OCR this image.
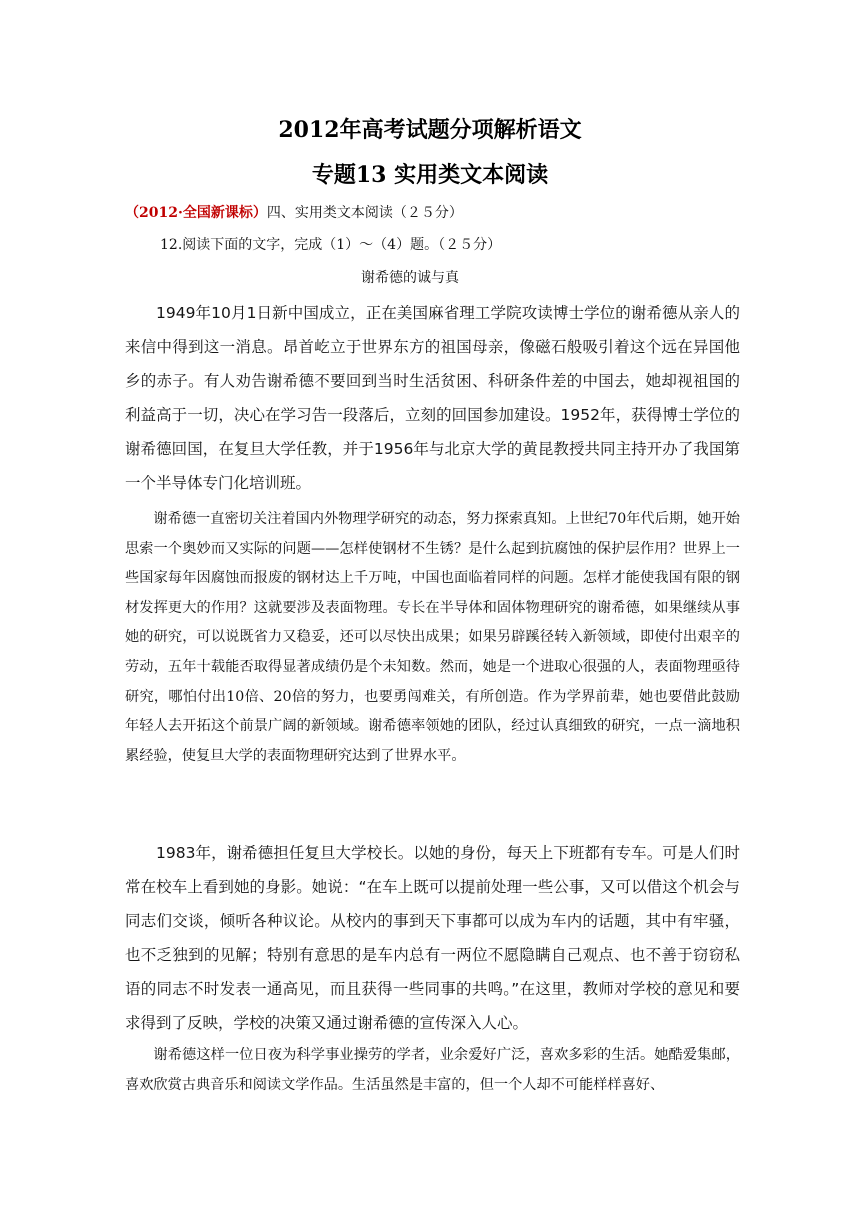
2012年高考试题分项解析语文
专题13 实用类文本阅读

（2012·全国新课标）四、实用类文本阅读（２５分）

12.阅读下面的文字，完成（1）～（4）题。（２５分）

谢希德的诚与真

1949年10月1日新中国成立，正在美国麻省理工学院攻读博士学位的谢希德从亲人的来信中得到这一消息。昂首屹立于世界东方的祖国母亲，像磁石般吸引着这个远在异国他乡的赤子。有人劝告谢希德不要回到当时生活贫困、科研条件差的中国去，她却视祖国的利益高于一切，决心在学习告一段落后，立刻的回国参加建设。1952年，获得博士学位的谢希德回国，在复旦大学任教，并于1956年与北京大学的黄昆教授共同主持开办了我国第一个半导体专门化培训班。

谢希德一直密切关注着国内外物理学研究的动态，努力探索真知。上世纪70年代后期，她开始思索一个奥妙而又实际的问题——怎样使钢材不生锈？是什么起到抗腐蚀的保护层作用？世界上一些国家每年因腐蚀而报废的钢材达上千万吨，中国也面临着同样的问题。怎样才能使我国有限的钢材发挥更大的作用？这就要涉及表面物理。专长在半导体和固体物理研究的谢希德，如果继续从事她的研究，可以说既省力又稳妥，还可以尽快出成果；如果另辟蹊径转入新领域，即使付出艰辛的劳动，五年十载能否取得显著成绩仍是个未知数。然而，她是一个进取心很强的人，表面物理亟待研究，哪怕付出10倍、20倍的努力，也要勇闯难关，有所创造。作为学界前辈，她也要借此鼓励年轻人去开拓这个前景广阔的新领域。谢希德率领她的团队，经过认真细致的研究，一点一滴地积累经验，使复旦大学的表面物理研究达到了世界水平。

1983年，谢希德担任复旦大学校长。以她的身份，每天上下班都有专车。可是人们时常在校车上看到她的身影。她说：“在车上既可以提前处理一些公事，又可以借这个机会与同志们交谈，倾听各种议论。从校内的事到天下事都可以成为车内的话题，其中有牢骚，也不乏独到的见解；特别有意思的是车内总有一两位不愿隐瞒自己观点、也不善于窃窃私语的同志不时发表一通高见，而且获得一些同事的共鸣。”在这里，教师对学校的意见和要求得到了反映，学校的决策又通过谢希德的宣传深入人心。

谢希德这样一位日夜为科学事业操劳的学者，业余爱好广泛，喜欢多彩的生活。她酷爱集邮，喜欢欣赏古典音乐和阅读文学作品。生活虽然是丰富的，但一个人却不可能样样喜好、
